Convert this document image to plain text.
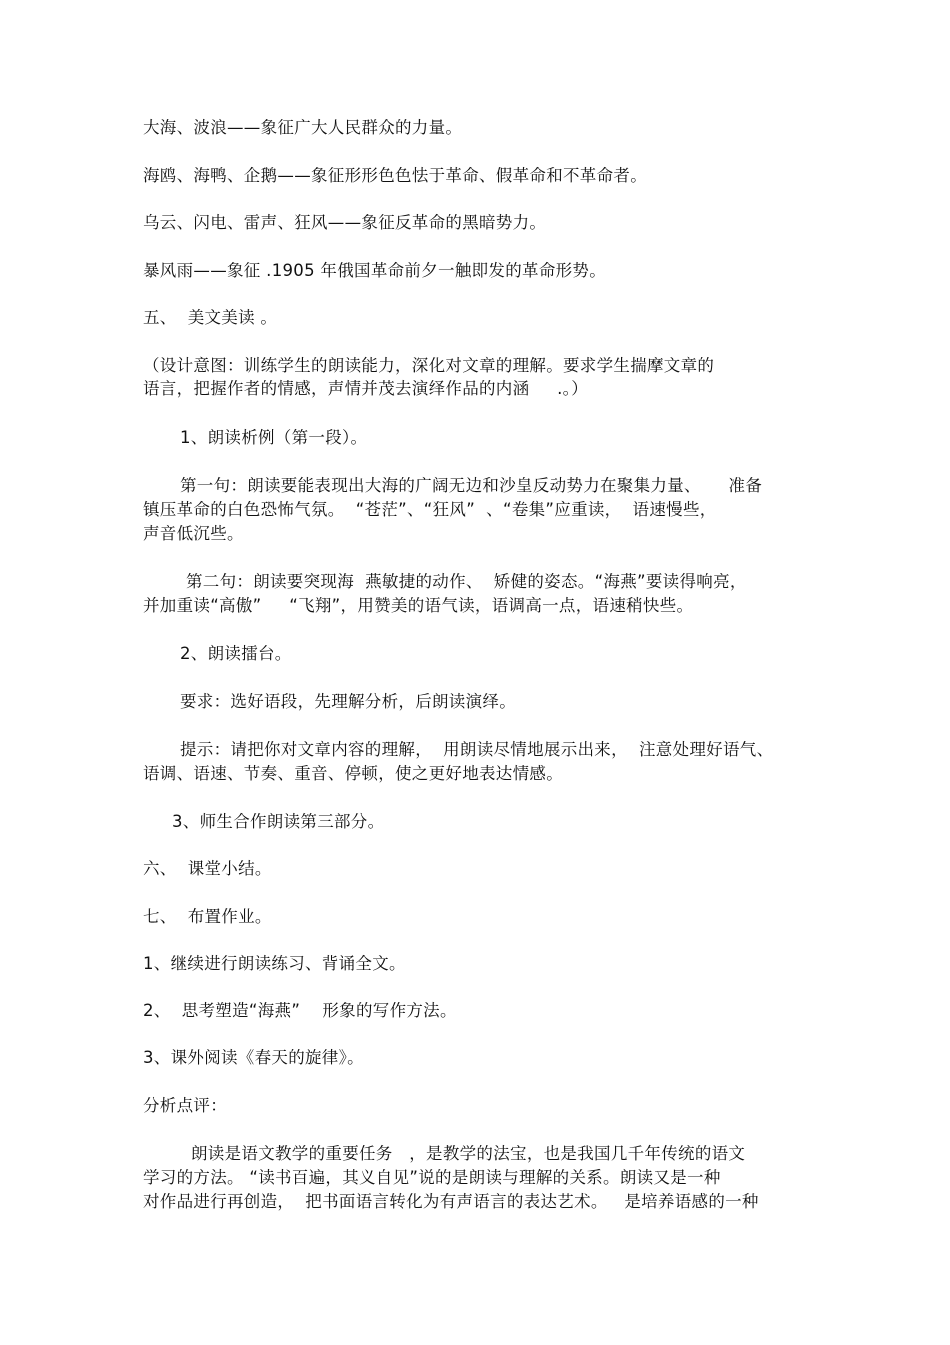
大海、波浪——象征广大人民群众的力量。
海鸥、海鸭、企鹅——象征形形色色怯于革命、假革命和不革命者。
乌云、闪电、雷声、狂风——象征反革命的黑暗势力。
暴风雨——象征 .1905 年俄国革命前夕一触即发的革命形势。
五、  美文美读 。
（设计意图：训练学生的朗读能力，深化对文章的理解。要求学生揣摩文章的
语言，把握作者的情感，声情并茂去演绎作品的内涵     .。）
1、朗读析例（第一段）。
第一句：朗读要能表现出大海的广阔无边和沙皇反动势力在聚集力量、     准备
镇压革命的白色恐怖气氛。  “苍茫”、“狂风”  、“卷集”应重读，  语速慢些，
声音低沉些。
第二句：朗读要突现海  燕敏捷的动作、  矫健的姿态。“海燕”要读得响亮，
并加重读“高傲”     “飞翔”，用赞美的语气读，语调高一点，语速稍快些。
2、朗读擂台。
要求：选好语段，先理解分析，后朗读演绎。
提示：请把你对文章内容的理解，  用朗读尽情地展示出来，  注意处理好语气、
语调、语速、节奏、重音、停顿，使之更好地表达情感。
3、师生合作朗读第三部分。
六、  课堂小结。
七、  布置作业。
1、继续进行朗读练习、背诵全文。
2、  思考塑造“海燕”    形象的写作方法。
3、课外阅读《春天的旋律》。
分析点评：
朗读是语文教学的重要任务   ，是教学的法宝，也是我国几千年传统的语文
学习的方法。 “读书百遍，其义自见”说的是朗读与理解的关系。朗读又是一种
对作品进行再创造，  把书面语言转化为有声语言的表达艺术。   是培养语感的一种
